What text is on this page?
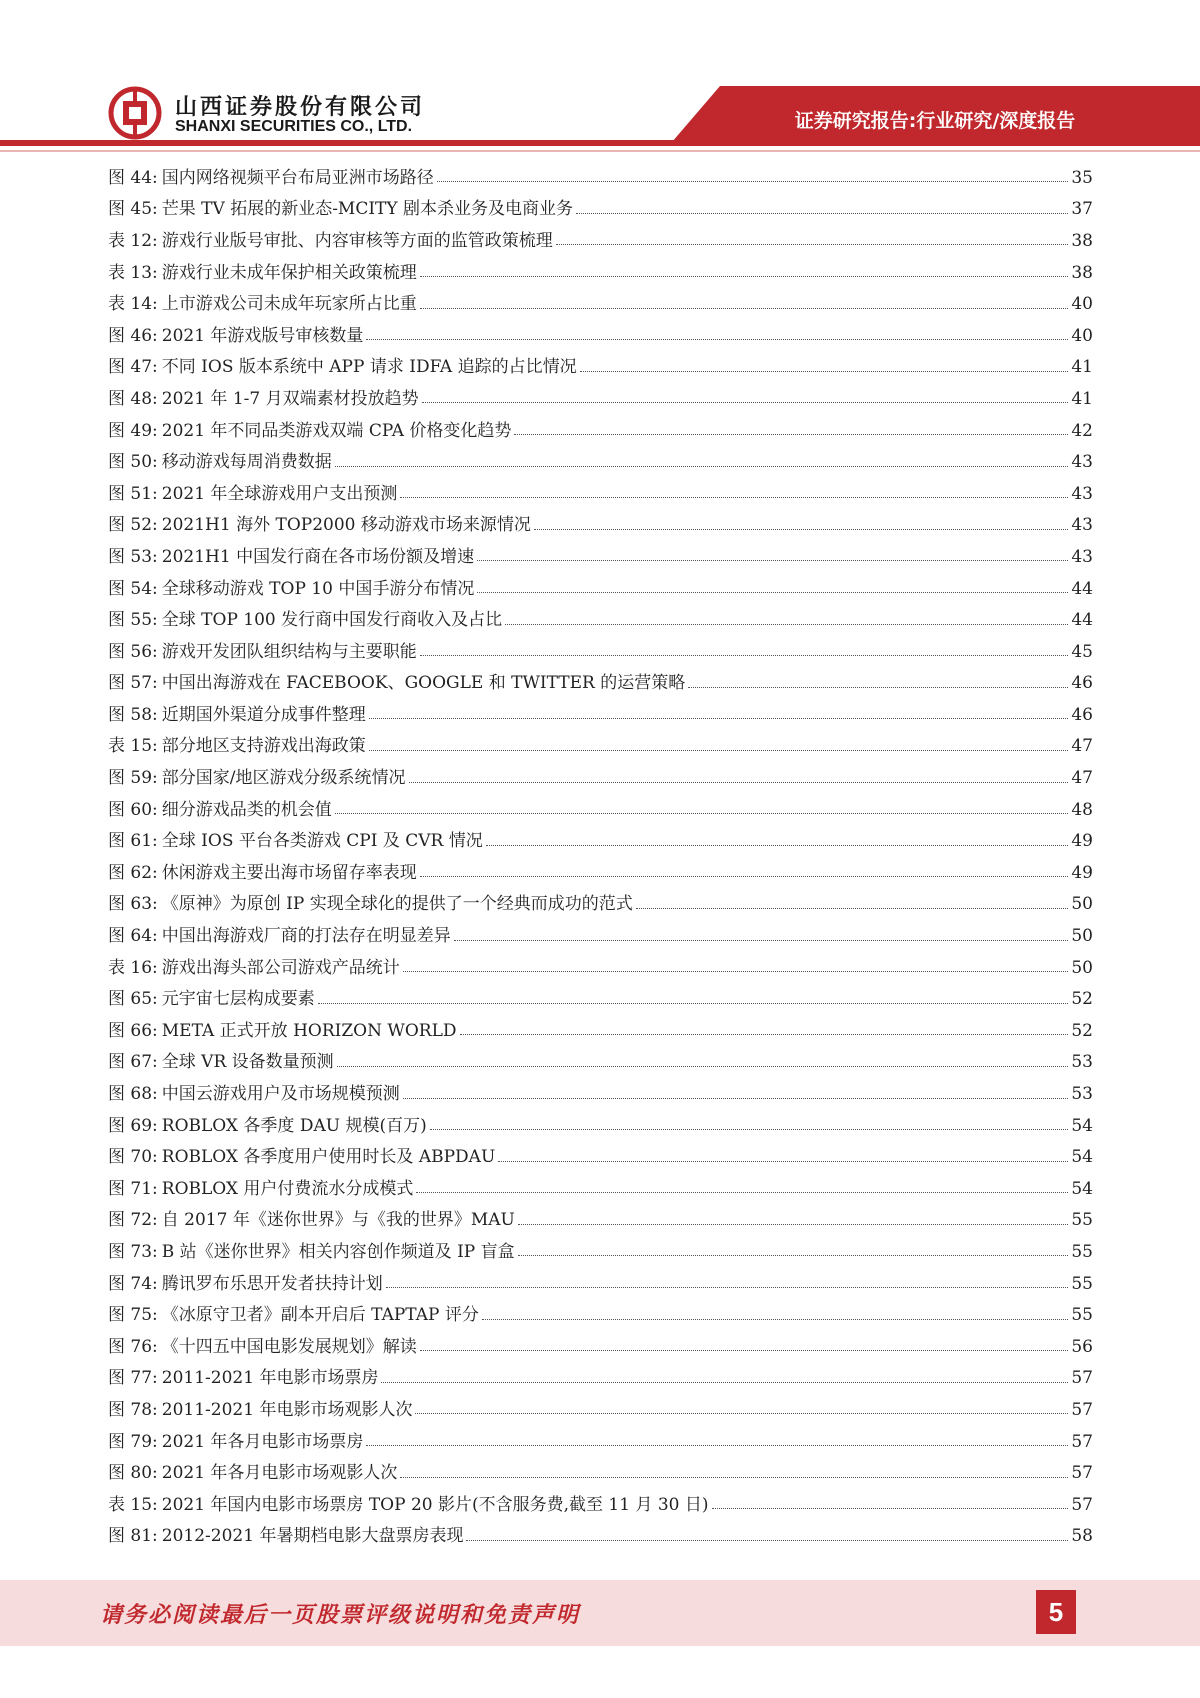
山西证券股份有限公司
SHANXI SECURITIES CO., LTD.	证券研究报告:行业研究/深度报告
图 44: 国内网络视频平台布局亚洲市场路径	35
图 45: 芒果 TV 拓展的新业态-MCITY 剧本杀业务及电商业务	37
表 12: 游戏行业版号审批、内容审核等方面的监管政策梳理	38
表 13: 游戏行业未成年保护相关政策梳理	38
表 14: 上市游戏公司未成年玩家所占比重	40
图 46: 2021 年游戏版号审核数量	40
图 47: 不同 IOS 版本系统中 APP 请求 IDFA 追踪的占比情况	41
图 48: 2021 年 1-7 月双端素材投放趋势	41
图 49: 2021 年不同品类游戏双端 CPA 价格变化趋势	42
图 50: 移动游戏每周消费数据	43
图 51: 2021 年全球游戏用户支出预测	43
图 52: 2021H1 海外 TOP2000 移动游戏市场来源情况	43
图 53: 2021H1 中国发行商在各市场份额及增速	43
图 54: 全球移动游戏 TOP 10 中国手游分布情况	44
图 55: 全球 TOP 100 发行商中国发行商收入及占比	44
图 56: 游戏开发团队组织结构与主要职能	45
图 57: 中国出海游戏在 FACEBOOK、GOOGLE 和 TWITTER 的运营策略	46
图 58: 近期国外渠道分成事件整理	46
表 15: 部分地区支持游戏出海政策	47
图 59: 部分国家/地区游戏分级系统情况	47
图 60: 细分游戏品类的机会值	48
图 61: 全球 IOS 平台各类游戏 CPI 及 CVR 情况	49
图 62: 休闲游戏主要出海市场留存率表现	49
图 63: 《原神》为原创 IP 实现全球化的提供了一个经典而成功的范式	50
图 64: 中国出海游戏厂商的打法存在明显差异	50
表 16: 游戏出海头部公司游戏产品统计	50
图 65: 元宇宙七层构成要素	52
图 66: META 正式开放 HORIZON WORLD	52
图 67: 全球 VR 设备数量预测	53
图 68: 中国云游戏用户及市场规模预测	53
图 69: ROBLOX 各季度 DAU 规模(百万)	54
图 70: ROBLOX 各季度用户使用时长及 ABPDAU	54
图 71: ROBLOX 用户付费流水分成模式	54
图 72: 自 2017 年《迷你世界》与《我的世界》MAU	55
图 73: B 站《迷你世界》相关内容创作频道及 IP 盲盒	55
图 74: 腾讯罗布乐思开发者扶持计划	55
图 75: 《冰原守卫者》副本开启后 TAPTAP 评分	55
图 76: 《十四五中国电影发展规划》解读	56
图 77: 2011-2021 年电影市场票房	57
图 78: 2011-2021 年电影市场观影人次	57
图 79: 2021 年各月电影市场票房	57
图 80: 2021 年各月电影市场观影人次	57
表 15: 2021 年国内电影市场票房 TOP 20 影片(不含服务费,截至 11 月 30 日)	57
图 81: 2012-2021 年暑期档电影大盘票房表现	58
请务必阅读最后一页股票评级说明和免责声明	5
